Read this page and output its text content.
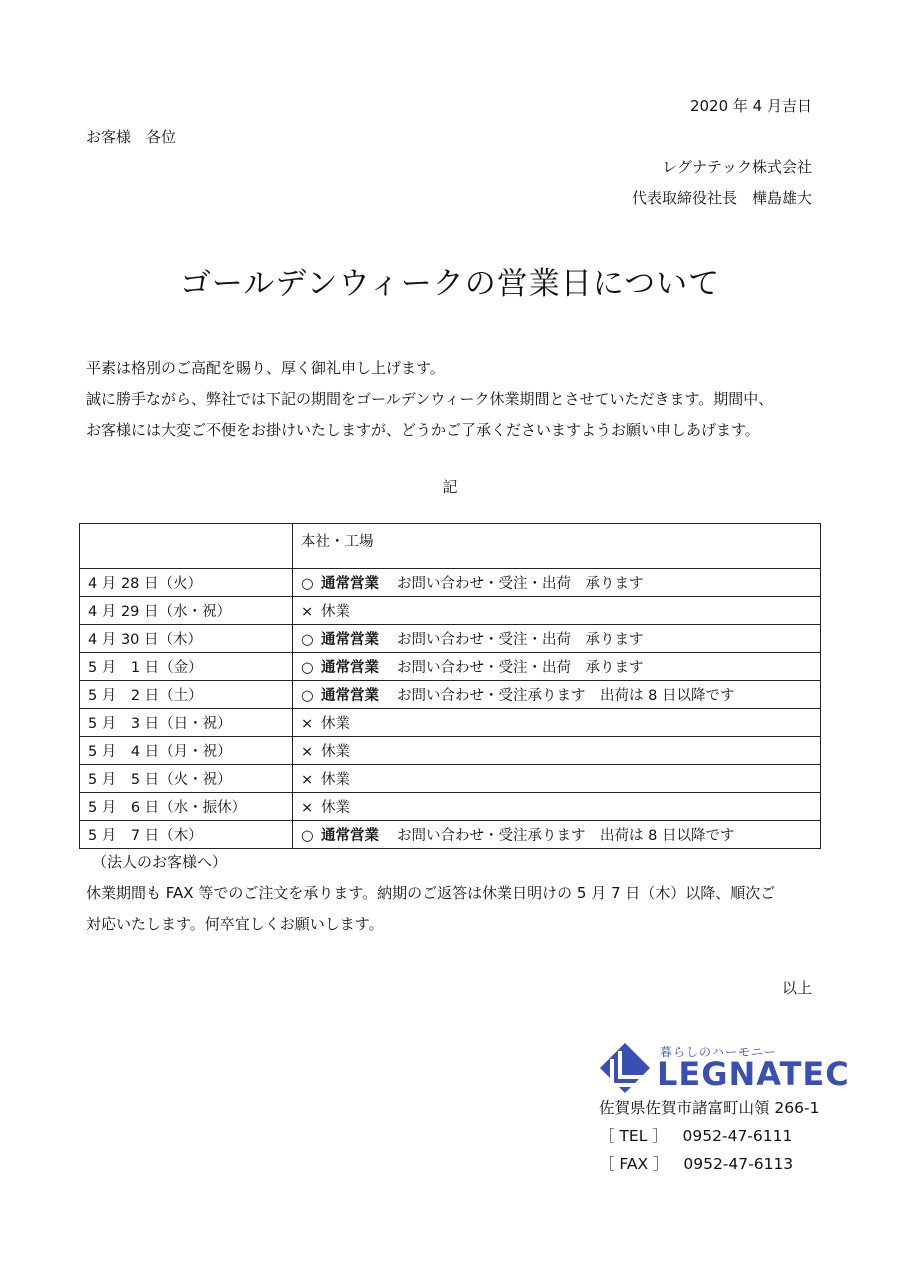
2020 年 4 月吉日
お客様　各位
レグナテック株式会社
代表取締役社長　樺島雄大
ゴールデンウィークの営業日について
平素は格別のご高配を賜り、厚く御礼申し上げます。
誠に勝手ながら、弊社では下記の期間をゴールデンウィーク休業期間とさせていただきます。期間中、
お客様には大変ご不便をお掛けいたしますが、どうかご了承くださいますようお願い申しあげます。
記
	本社・工場
4 月 28 日（火）	○ 通常営業 お問い合わせ・受注・出荷　承ります
4 月 29 日（水・祝）	× 休業
4 月 30 日（木）	○ 通常営業 お問い合わせ・受注・出荷　承ります
5 月　1 日（金）	○ 通常営業 お問い合わせ・受注・出荷　承ります
5 月　2 日（土）	○ 通常営業 お問い合わせ・受注承ります　出荷は 8 日以降です
5 月　3 日（日・祝）	× 休業
5 月　4 日（月・祝）	× 休業
5 月　5 日（火・祝）	× 休業
5 月　6 日（水・振休）	× 休業
5 月　7 日（木）	○ 通常営業 お問い合わせ・受注承ります　出荷は 8 日以降です
（法人のお客様へ）
休業期間も FAX 等でのご注文を承ります。納期のご返答は休業日明けの 5 月 7 日（木）以降、順次ご
対応いたします。何卒宜しくお願いします。
以上
暮らしのハーモニー
LEGNATEC
佐賀県佐賀市諸富町山領 266-1
［ TEL ］ 0952-47-6111
［ FAX ］ 0952-47-6113
